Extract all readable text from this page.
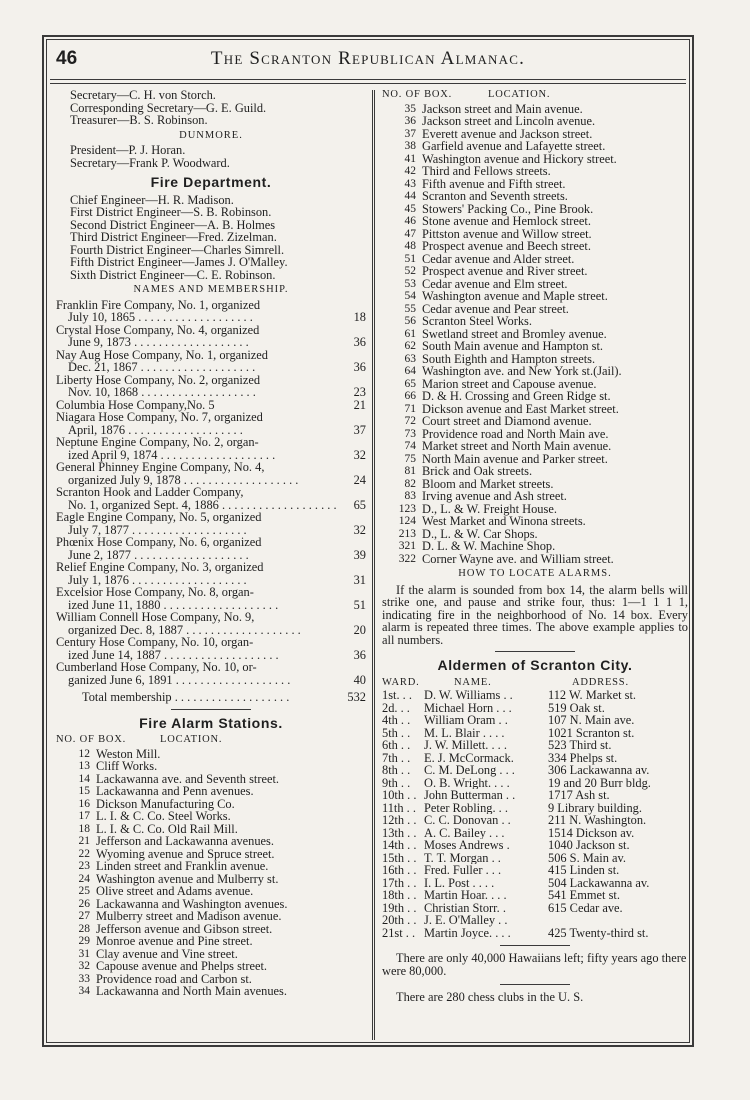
46	The Scranton Republican Almanac.
Secretary—C. H. von Storch.
Corresponding Secretary—G. E. Guild.
Treasurer—B. S. Robinson.
DUNMORE.
President—P. J. Horan.
Secretary—Frank P. Woodward.
Fire Department.
Chief Engineer—H. R. Madison.
First District Engineer—S. B. Robinson.
Second District Engineer—A. B. Holmes
Third District Engineer—Fred. Zizelman.
Fourth District Engineer—Charles Simrell.
Fifth District Engineer—James J. O'Malley.
Sixth District Engineer—C. E. Robinson.
NAMES AND MEMBERSHIP.
Franklin Fire Company, No. 1, organized
July 10, 1865 . . .	18
Crystal Hose Company, No. 4, organized
June 9, 1873 . . .	36
Nay Aug Hose Company, No. 1, organized
Dec. 21, 1867 . . .	36
Liberty Hose Company, No. 2, organized
Nov. 10, 1868 . . .	23
Columbia Hose Company,No. 5	21
Niagara Hose Company, No. 7, organized
April, 1876 . . .	37
Neptune Engine Company, No. 2, organ-
ized April 9, 1874 . . .	32
General Phinney Engine Company, No. 4,
organized July 9, 1878 . . .	24
Scranton Hook and Ladder Company,
No. 1, organized Sept. 4, 1886 . . .	65
Eagle Engine Company, No. 5, organized
July 7, 1877 . . .	32
Phœnix Hose Company, No. 6, organized
June 2, 1877 . . .	39
Relief Engine Company, No. 3, organized
July 1, 1876 . . .	31
Excelsior Hose Company, No. 8, organ-
ized June 11, 1880 . . .	51
William Connell Hose Company, No. 9,
organized Dec. 8, 1887 . . .	20
Century Hose Company, No. 10, organ-
ized June 14, 1887 . . .	36
Cumberland Hose Company, No. 10, or-
ganized June 6, 1891 . . .	40
Total membership . . .	532
Fire Alarm Stations.
NO. OF BOX.	LOCATION.
12 Weston Mill.
13 Cliff Works.
14 Lackawanna ave. and Seventh street.
15 Lackawanna and Penn avenues.
16 Dickson Manufacturing Co.
17 L. I. & C. Co. Steel Works.
18 L. I. & C. Co. Old Rail Mill.
21 Jefferson and Lackawanna avenues.
22 Wyoming avenue and Spruce street.
23 Linden street and Franklin avenue.
24 Washington avenue and Mulberry st.
25 Olive street and Adams avenue.
26 Lackawanna and Washington avenues.
27 Mulberry street and Madison avenue.
28 Jefferson avenue and Gibson street.
29 Monroe avenue and Pine street.
31 Clay avenue and Vine street.
32 Capouse avenue and Phelps street.
33 Providence road and Carbon st.
34 Lackawanna and North Main avenues.
NO. OF BOX.	LOCATION.
35 Jackson street and Main avenue.
36 Jackson street and Lincoln avenue.
37 Everett avenue and Jackson street.
38 Garfield avenue and Lafayette street.
41 Washington avenue and Hickory street.
42 Third and Fellows streets.
43 Fifth avenue and Fifth street.
44 Scranton and Seventh streets.
45 Stowers' Packing Co., Pine Brook.
46 Stone avenue and Hemlock street.
47 Pittston avenue and Willow street.
48 Prospect avenue and Beech street.
51 Cedar avenue and Alder street.
52 Prospect avenue and River street.
53 Cedar avenue and Elm street.
54 Washington avenue and Maple street.
55 Cedar avenue and Pear street.
56 Scranton Steel Works.
61 Swetland street and Bromley avenue.
62 South Main avenue and Hampton st.
63 South Eighth and Hampton streets.
64 Washington ave. and New York st.(Jail).
65 Marion street and Capouse avenue.
66 D. & H. Crossing and Green Ridge st.
71 Dickson avenue and East Market street.
72 Court street and Diamond avenue.
73 Providence road and North Main ave.
74 Market street and North Main avenue.
75 North Main avenue and Parker street.
81 Brick and Oak streets.
82 Bloom and Market streets.
83 Irving avenue and Ash street.
123 D., L. & W. Freight House.
124 West Market and Winona streets.
213 D., L. & W. Car Shops.
321 D. L. & W. Machine Shop.
322 Corner Wayne ave. and William street.
HOW TO LOCATE ALARMS.
If the alarm is sounded from box 14, the alarm bells will strike one, and pause and strike four, thus: 1—1 1 1 1, indicating fire in the neighborhood of No. 14 box. Every alarm is repeated three times. The above example applies to all numbers.
Aldermen of Scranton City.
WARD.	NAME.	ADDRESS.
1st. . . D. W. Williams . .	112 W. Market st.
2d. . .	Michael Horn . . .	519 Oak st.
4th . .	William Oram . .	107 N. Main ave.
5th . .	M. L. Blair . . . .	1021 Scranton st.
6th . .	J. W. Millett. . . .	523 Third st.
7th . .	E. J. McCormack.	334 Phelps st.
8th . .	C. M. DeLong . . .	306 Lackawanna av.
9th . .	O. B. Wright. . . .	19 and 20 Burr bldg.
10th . . John Butterman . .	1717 Ash st.
11th . . Peter Robling. . .	9 Library building.
12th . . C. C. Donovan . .	211 N. Washington.
13th . . A. C. Bailey . . .	1514 Dickson av.
14th . . Moses Andrews .	1040 Jackson st.
15th . . T. T. Morgan . .	506 S. Main av.
16th . . Fred. Fuller . . .	415 Linden st.
17th . . I. L. Post . . . .	504 Lackawanna av.
18th . . Martin Hoar. . . .	541 Emmet st.
19th . . Christian Storr. .	615 Cedar ave.
20th . . J. E. O'Malley . .
21st . . Martin Joyce. . . .	425 Twenty-third st.
There are only 40,000 Hawaiians left; fifty years ago there were 80,000.
There are 280 chess clubs in the U. S.
